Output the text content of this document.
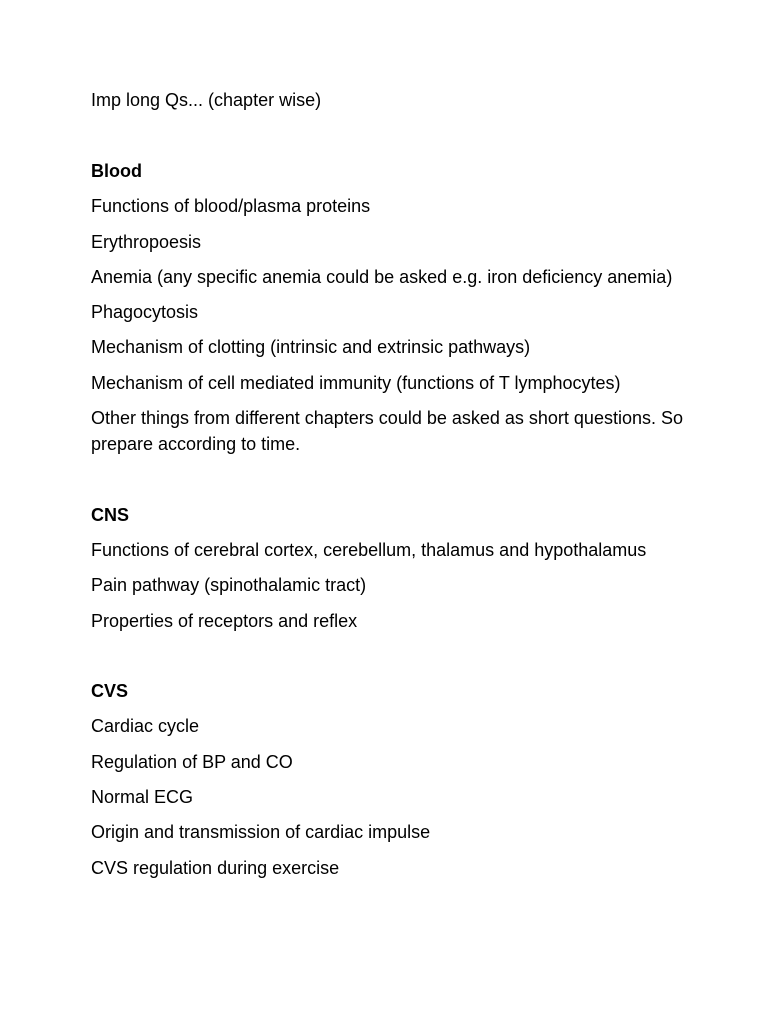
Imp long Qs... (chapter wise)

Blood

Functions of blood/plasma proteins

Erythropoesis

Anemia (any specific anemia could be asked e.g. iron deficiency anemia)

Phagocytosis

Mechanism of clotting (intrinsic and extrinsic pathways)

Mechanism of cell mediated immunity (functions of T lymphocytes)

Other things from different chapters could be asked as short questions. So prepare according to time.

CNS

Functions of cerebral cortex, cerebellum, thalamus and hypothalamus

Pain pathway (spinothalamic tract)

Properties of receptors and reflex

CVS

Cardiac cycle

Regulation of BP and CO

Normal ECG

Origin and transmission of cardiac impulse

CVS regulation during exercise
